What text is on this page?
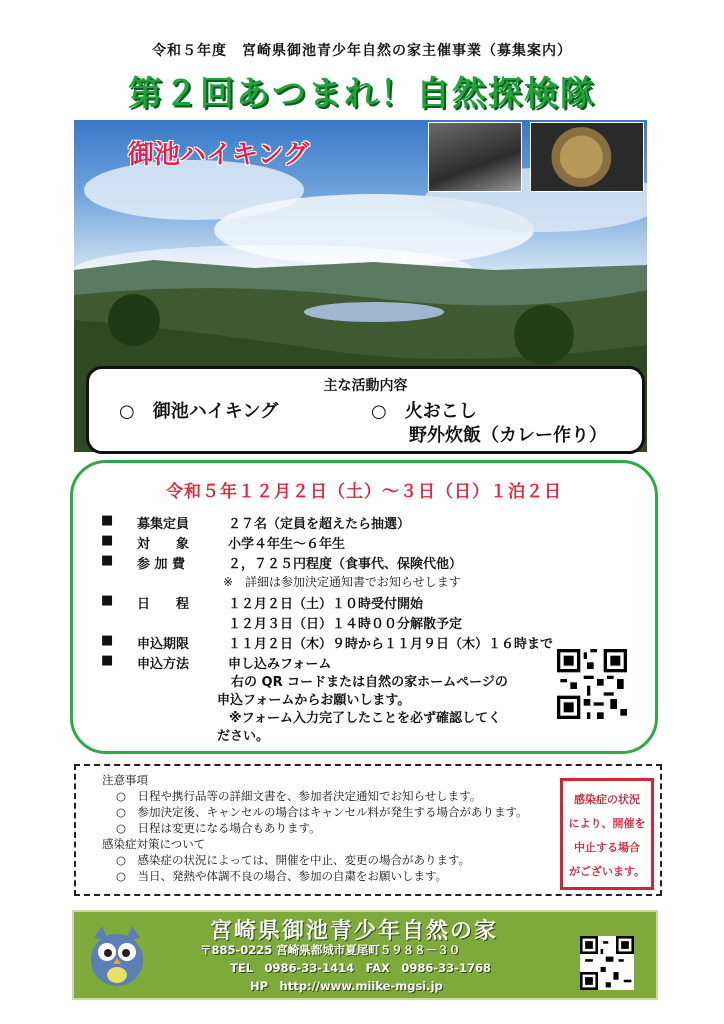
令和５年度　宮崎県御池青少年自然の家主催事業（募集案内）
第２回あつまれ！自然探検隊
御池ハイキング
主な活動内容
○　御池ハイキング	○　火おこし
野外炊飯（カレー作り）
令和５年１２月２日（土）～３日（日）１泊２日
■ 募集定員	２７名（定員を超えたら抽選）
■ 対　　象	小学４年生～６年生
■ 参 加 費	２，７２５円程度（食事代、保険代他）
※　詳細は参加決定通知書でお知らせします
■ 日　　程	１２月２日（土）１０時受付開始
１２月３日（日）１４時００分解散予定
■ 申込期限	１１月２日（木）９時から１１月９日（木）１６時まで
■ 申込方法	申し込みフォーム
右の QR コードまたは自然の家ホームページの
申込フォームからお願いします。
※フォーム入力完了したことを必ず確認してく
ださい。
注意事項
○　日程や携行品等の詳細文書を、参加者決定通知でお知らせします。
○　参加決定後、キャンセルの場合はキャンセル料が発生する場合があります。
○　日程は変更になる場合もあります。
感染症対策について
○　感染症の状況によっては、開催を中止、変更の場合があります。
○　当日、発熱や体調不良の場合、参加の自粛をお願いします。
感染症の状況
により、開催を
中止する場合
がございます。
宮崎県御池青少年自然の家
〒885-0225 宮崎県都城市夏尾町５９８８－３０
TEL　0986-33-1414　FAX　0986-33-1768
HP　http://www.miike-mgsi.jp
